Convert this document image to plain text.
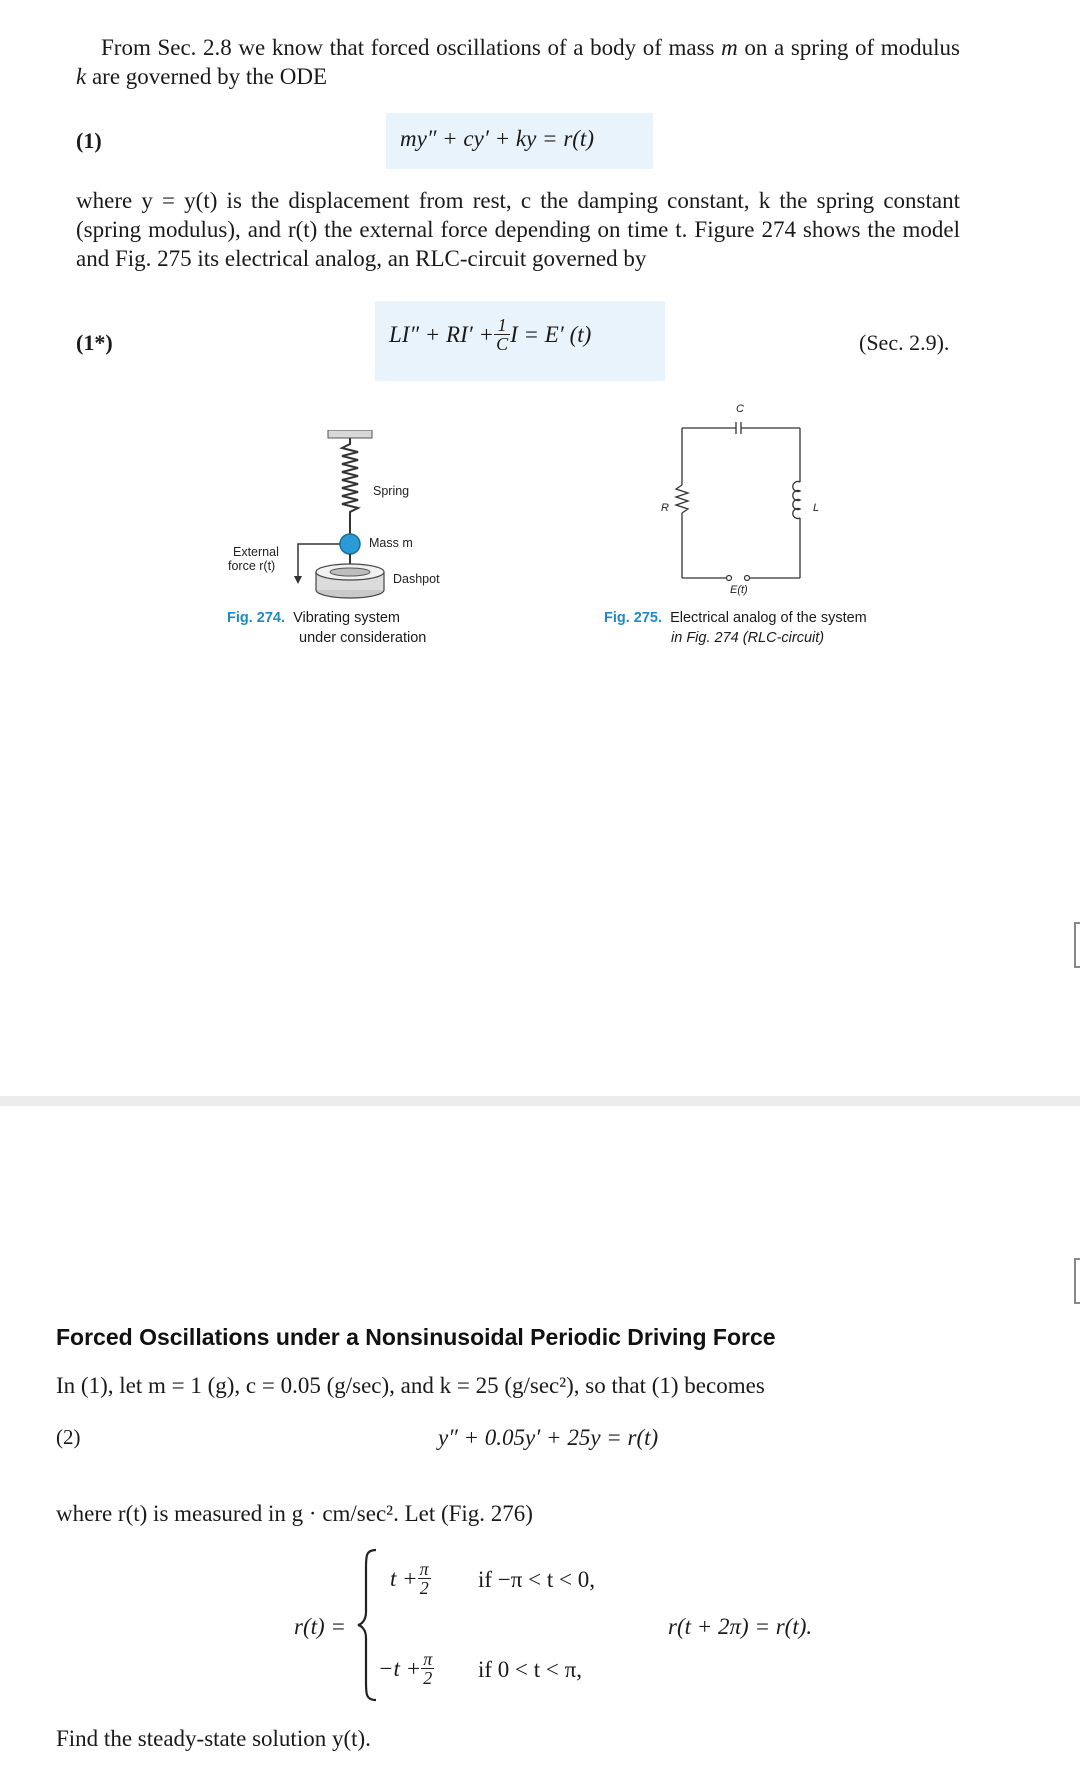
From Sec. 2.8 we know that forced oscillations of a body of mass m on a spring of modulus k are governed by the ODE
(1)	my″ + cy′ + ky = r(t)
where y = y(t) is the displacement from rest, c the damping constant, k the spring constant (spring modulus), and r(t) the external force depending on time t. Figure 274 shows the model and Fig. 275 its electrical analog, an RLC-circuit governed by
(1*)	$LI'' + RI' + \frac{1}{C}$ I = E′ (t)	(Sec. 2.9).
Spring
Mass m
External
force r(t)
Dashpot
Fig. 274. Vibrating system
under consideration
C
R	L
E(t)
Fig. 275. Electrical analog of the system
in Fig. 274 (RLC-circuit)
Forced Oscillations under a Nonsinusoidal Periodic Driving Force
In (1), let m = 1 (g), c = 0.05 (g/sec), and k = 25 (g/sec²), so that (1) becomes
(2)	y″ + 0.05y′ + 25y = r(t)
where r(t) is measured in g · cm/sec². Let (Fig. 276)
r(t) =
$t + \frac{\pi}{2}$ if −π < t < 0,
$-t + \frac{\pi}{2}$ if 0 < t < π,
r(t + 2π) = r(t).
Find the steady-state solution y(t).
